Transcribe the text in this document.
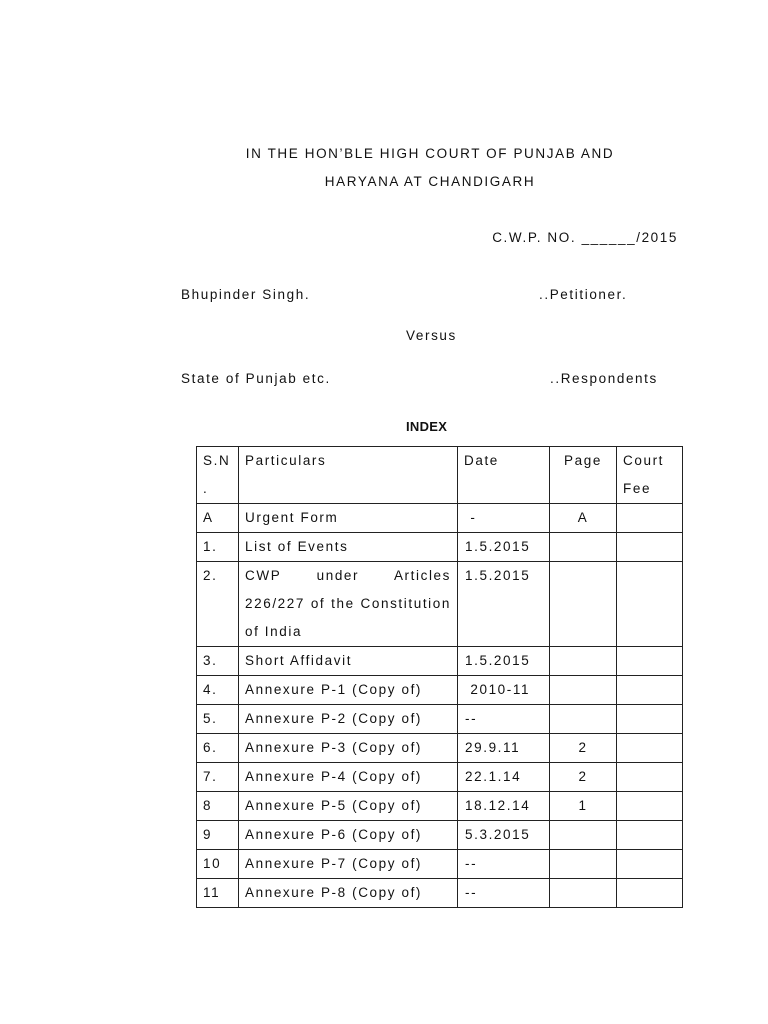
IN THE HON’BLE HIGH COURT OF PUNJAB AND
HARYANA AT CHANDIGARH
C.W.P. NO. ______/2015
Bhupinder Singh.	..Petitioner.
Versus
State of Punjab etc.	..Respondents
INDEX
S.N .	Particulars	Date	Page	Court Fee
A	Urgent Form	-	A	
1.	List of Events	1.5.2015		
2.	CWP under Articles 226/227 of the Constitution of India	1.5.2015		
3.	Short Affidavit	1.5.2015		
4.	Annexure P-1 (Copy of)	2010-11		
5.	Annexure P-2 (Copy of)	--		
6.	Annexure P-3 (Copy of)	29.9.11	2	
7.	Annexure P-4 (Copy of)	22.1.14	2	
8	Annexure P-5 (Copy of)	18.12.14	1	
9	Annexure P-6 (Copy of)	5.3.2015		
10	Annexure P-7 (Copy of)	--		
11	Annexure P-8 (Copy of)	--		
